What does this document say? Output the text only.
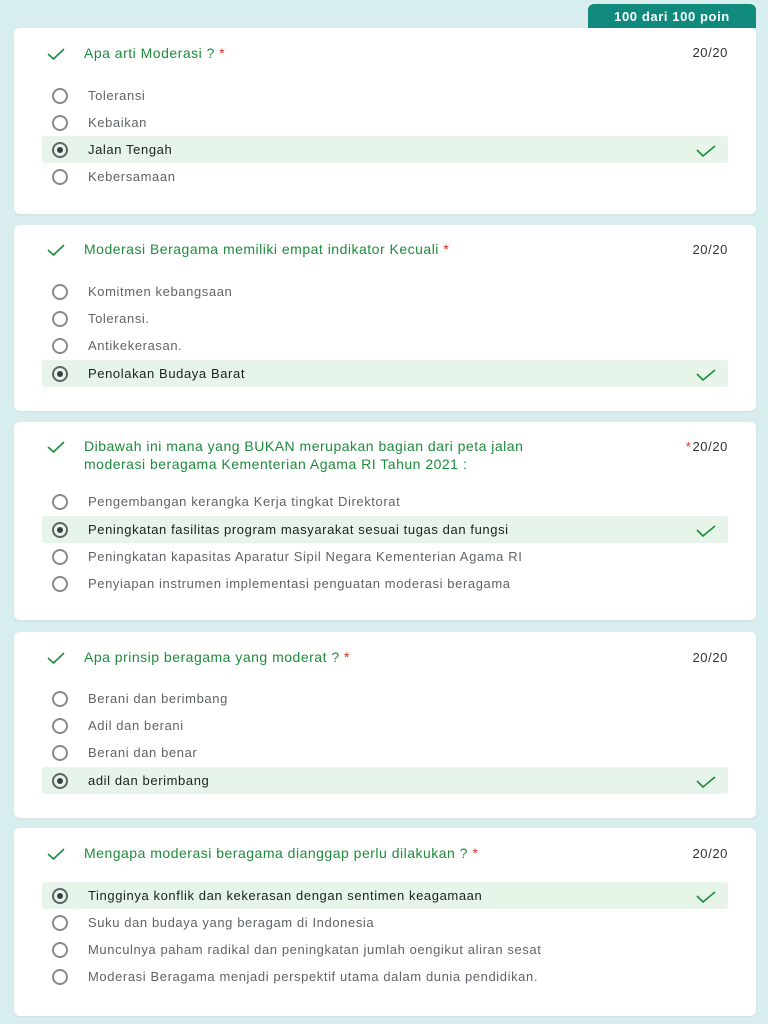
100 dari 100 poin
Apa arti Moderasi ? *	20/20
Toleransi
Kebaikan
Jalan Tengah
Kebersamaan
Moderasi Beragama memiliki empat indikator Kecuali *	20/20
Komitmen kebangsaan
Toleransi.
Antikekerasan.
Penolakan Budaya Barat
Dibawah ini mana yang BUKAN merupakan bagian dari peta jalan
moderasi beragama Kementerian Agama RI Tahun 2021 :
*20/20
Pengembangan kerangka Kerja tingkat Direktorat
Peningkatan fasilitas program masyarakat sesuai tugas dan fungsi
Peningkatan kapasitas Aparatur Sipil Negara Kementerian Agama RI
Penyiapan instrumen implementasi penguatan moderasi beragama
Apa prinsip beragama yang moderat ? *	20/20
Berani dan berimbang
Adil dan berani
Berani dan benar
adil dan berimbang
Mengapa moderasi beragama dianggap perlu dilakukan ? *	20/20
Tingginya konflik dan kekerasan dengan sentimen keagamaan
Suku dan budaya yang beragam di Indonesia
Munculnya paham radikal dan peningkatan jumlah oengikut aliran sesat
Moderasi Beragama menjadi perspektif utama dalam dunia pendidikan.
